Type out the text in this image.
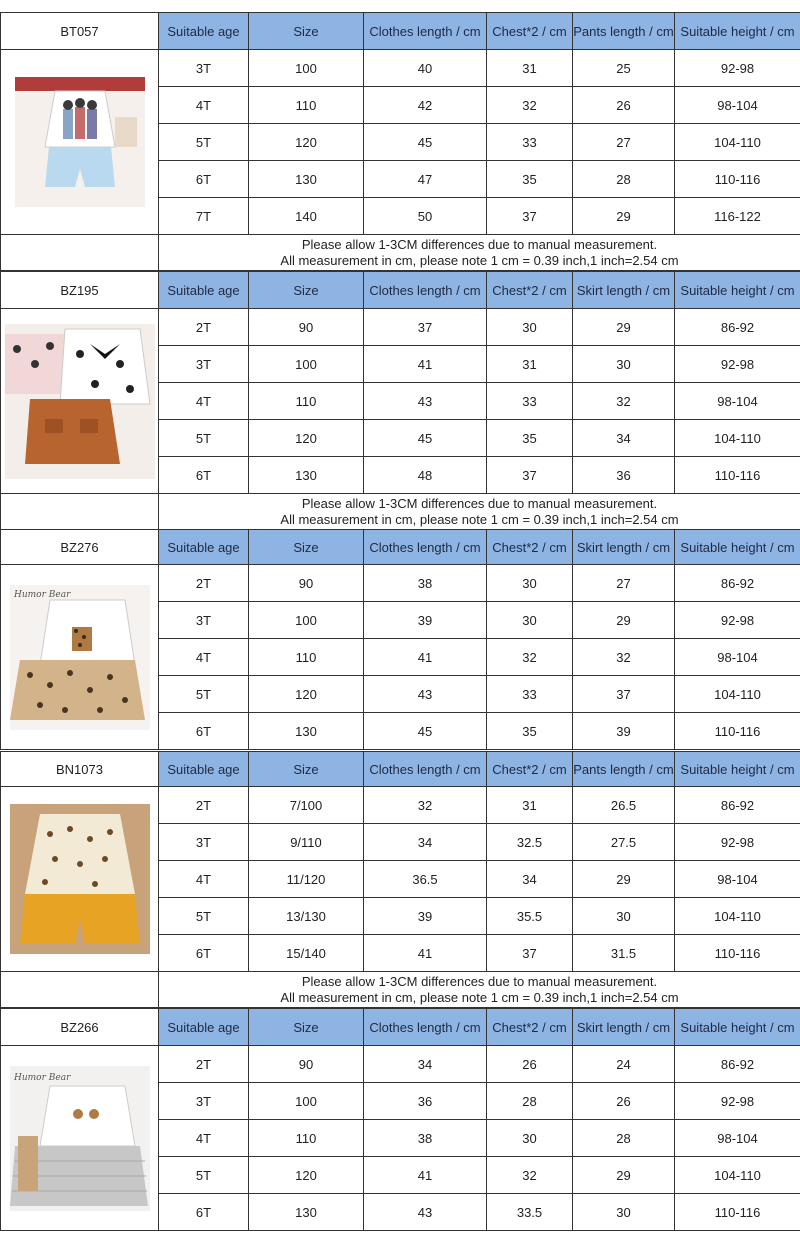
BT057	Suitable age	Size	Clothes length / cm	Chest*2 / cm	Pants length / cm	Suitable height / cm

	3T	100	40	31	25	92-98
	4T	110	42	32	26	98-104
	5T	120	45	33	27	104-110
	6T	130	47	35	28	110-116
	7T	140	50	37	29	116-122

	Please allow 1-3CM differences due to manual measurement.
All measurement in cm, please note 1 cm = 0.39 inch,1 inch=2.54 cm					
BZ195	Suitable age	Size	Clothes length / cm	Chest*2 / cm	Skirt length / cm	Suitable height / cm

	2T	90	37	30	29	86-92
	3T	100	41	31	30	92-98
	4T	110	43	33	32	98-104
	5T	120	45	35	34	104-110
	6T	130	48	37	36	110-116

	Please allow 1-3CM differences due to manual measurement.
All measurement in cm, please note 1 cm = 0.39 inch,1 inch=2.54 cm					
BZ276	Suitable age	Size	Clothes length / cm	Chest*2 / cm	Skirt length / cm	Suitable height / cm

Humor Bear	2T	90	38	30	27	86-92
	3T	100	39	30	29	92-98
	4T	110	41	32	32	98-104
	5T	120	43	33	37	104-110
	6T	130	45	35	39	110-116
BN1073	Suitable age	Size	Clothes length / cm	Chest*2 / cm	Pants length / cm	Suitable height / cm

	2T	7/100	32	31	26.5	86-92
	3T	9/110	34	32.5	27.5	92-98
	4T	11/120	36.5	34	29	98-104
	5T	13/130	39	35.5	30	104-110
	6T	15/140	41	37	31.5	110-116

	Please allow 1-3CM differences due to manual measurement.
All measurement in cm, please note 1 cm = 0.39 inch,1 inch=2.54 cm					
BZ266	Suitable age	Size	Clothes length / cm	Chest*2 / cm	Skirt length / cm	Suitable height / cm

Humor Bear	2T	90	34	26	24	86-92
	3T	100	36	28	26	92-98
	4T	110	38	30	28	98-104
	5T	120	41	32	29	104-110
	6T	130	43	33.5	30	110-116
